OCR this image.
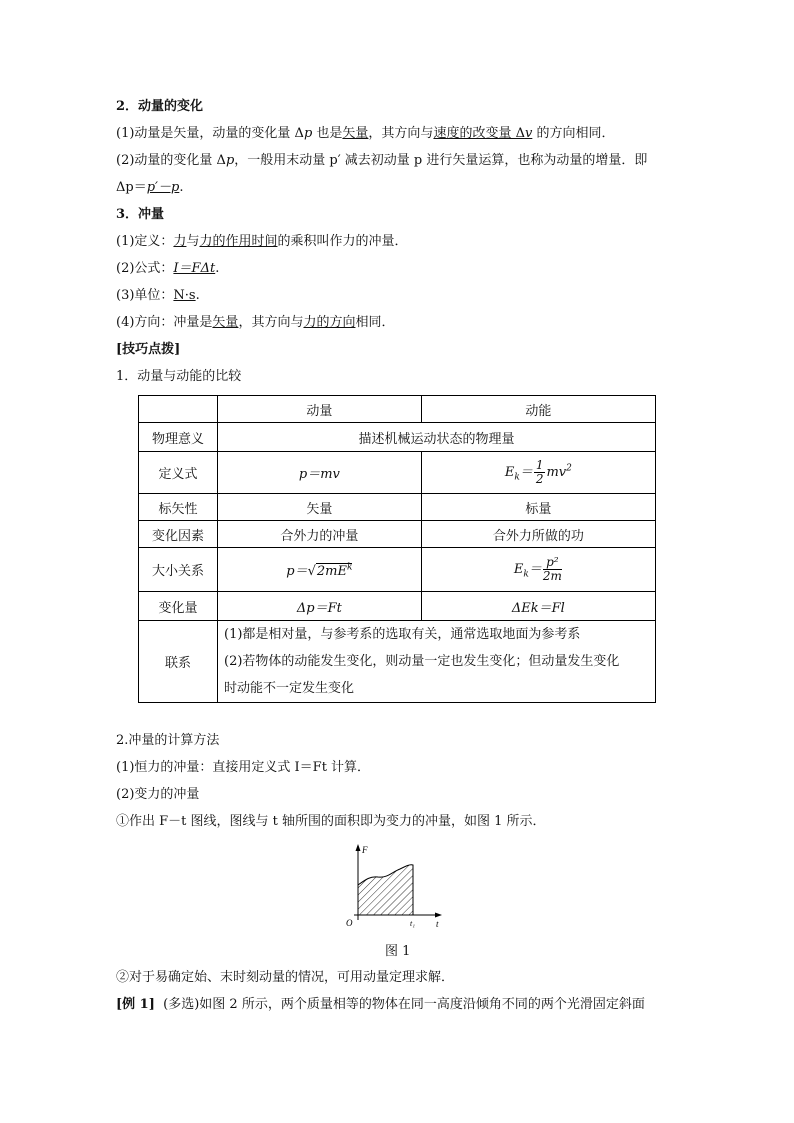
2．动量的变化
(1)动量是矢量，动量的变化量 Δp 也是矢量，其方向与速度的改变量 Δv 的方向相同．
(2)动量的变化量 Δp，一般用末动量 p′ 减去初动量 p 进行矢量运算，也称为动量的增量．即
Δp＝p′－p.
3．冲量
(1)定义：力与力的作用时间的乘积叫作力的冲量．
(2)公式：I＝FΔt.
(3)单位：N·s.
(4)方向：冲量是矢量，其方向与力的方向相同．
[技巧点拨]
1．动量与动能的比较
	动量	动能
物理意义	描述机械运动状态的物理量	
定义式	p＝mv	$E_k= \frac{1}{2} mv^2$
标矢性	矢量	标量
变化因素	合外力的冲量	合外力所做的功
大小关系	$p=√2mE^k$	$E_k= \frac{\text{p²}}{2m}$

变化量	Δp＝Ft	ΔEk＝Fl
联系	(1)都是相对量，与参考系的选取有关，通常选取地面为参考系
(2)若物体的动能发生变化，则动量一定也发生变化；但动量发生变化
时动能不一定发生变化	
2.冲量的计算方法
(1)恒力的冲量：直接用定义式 I＝Ft 计算．
(2)变力的冲量
①作出 F－t 图线，图线与 t 轴所围的面积即为变力的冲量，如图 1 所示．
F
O	t₁ t
图 1
②对于易确定始、末时刻动量的情况，可用动量定理求解．
[例 1] (多选)如图 2 所示，两个质量相等的物体在同一高度沿倾角不同的两个光滑固定斜面
